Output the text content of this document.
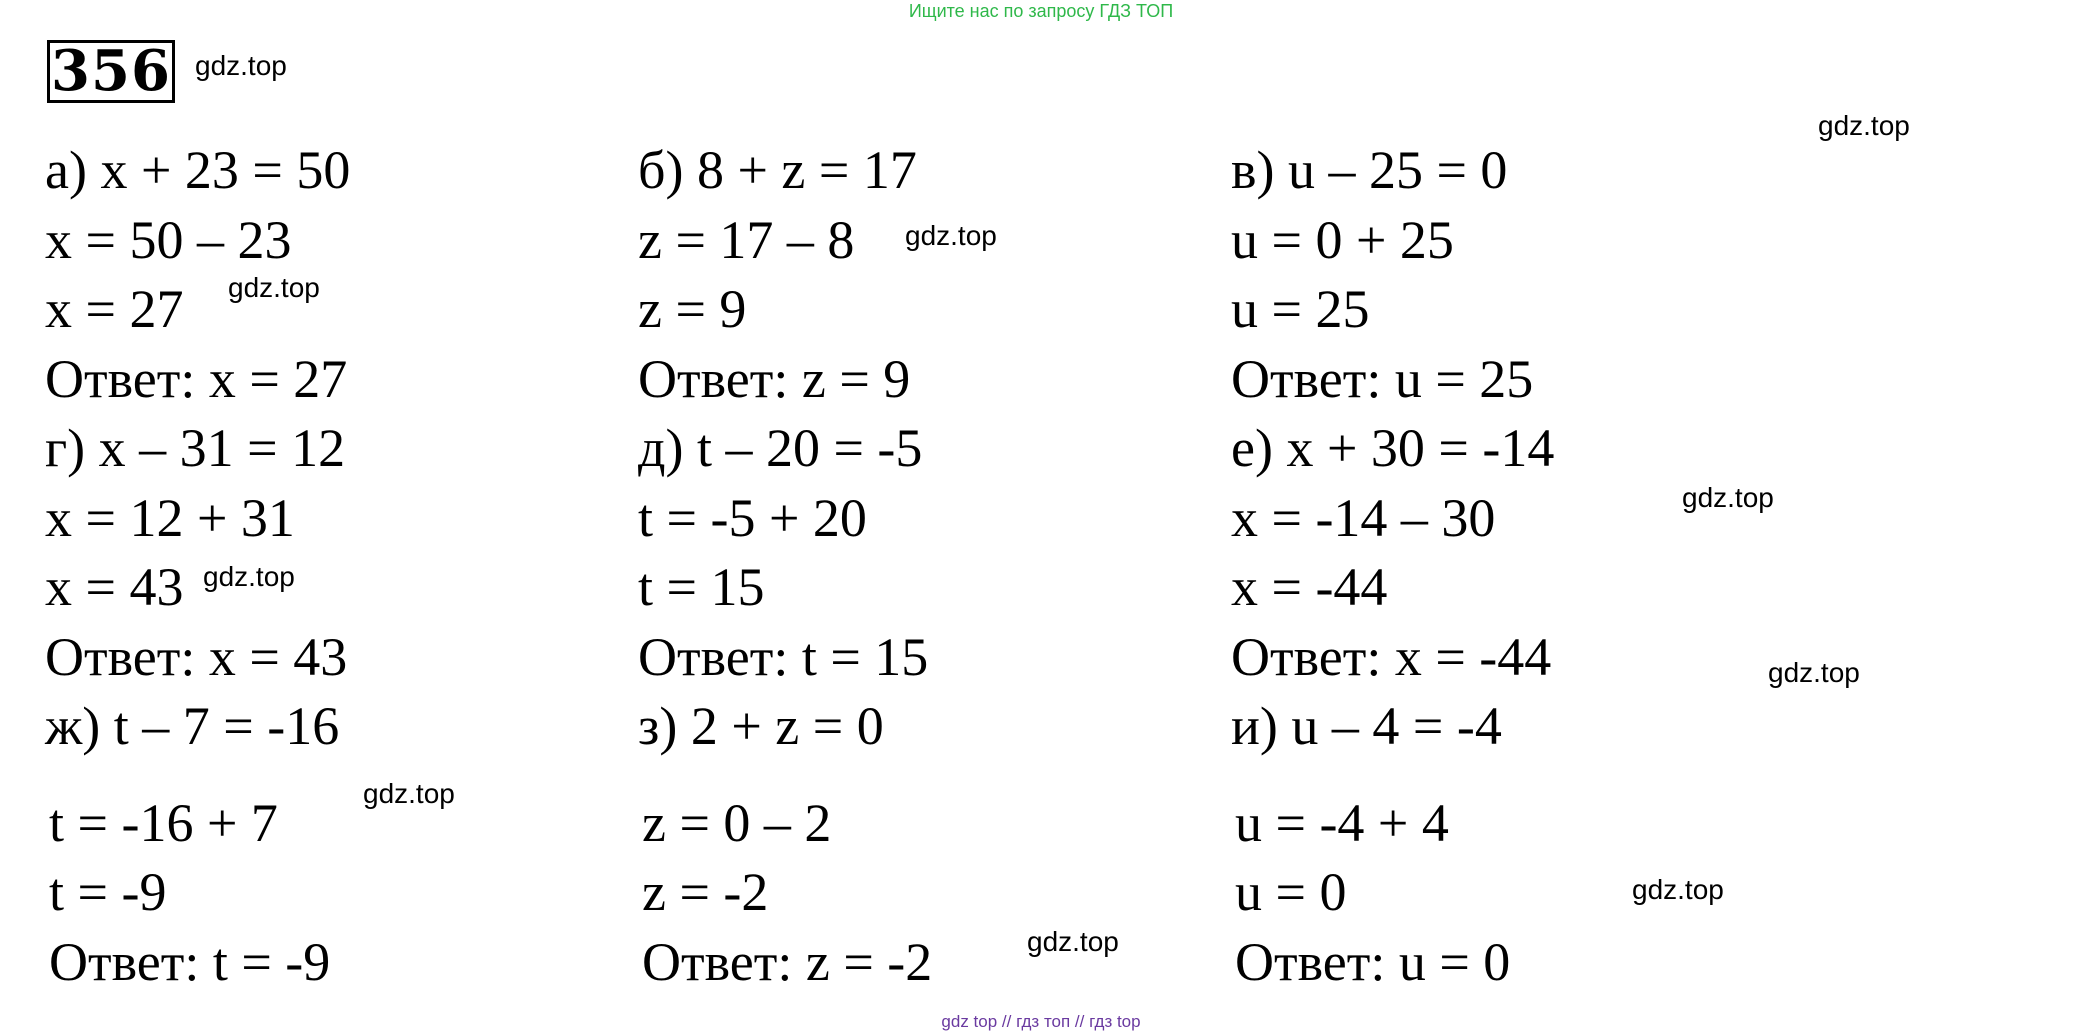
Ищите нас по запросу ГДЗ ТОП
356 gdz.top
gdz.top
gdz.top
gdz.top
gdz.top
gdz.top
gdz.top
gdz.top
gdz.top
gdz.top
а) x + 23 = 50
x = 50 – 23
x = 27
Ответ: x = 27
г) x – 31 = 12
x = 12 + 31
x = 43
Ответ: x = 43
ж) t – 7 = -16
t = -16 + 7
t = -9
Ответ: t = -9
б) 8 + z = 17
z = 17 – 8
z = 9
Ответ: z = 9
д) t – 20 = -5
t = -5 + 20
t = 15
Ответ: t = 15
з) 2 + z = 0
z = 0 – 2
z = -2
Ответ: z = -2
в) u – 25 = 0
u = 0 + 25
u = 25
Ответ: u = 25
е) x + 30 = -14
x = -14 – 30
x = -44
Ответ: x = -44
и) u – 4 = -4
u = -4 + 4
u = 0
Ответ: u = 0
gdz top // гдз топ // гдз top
